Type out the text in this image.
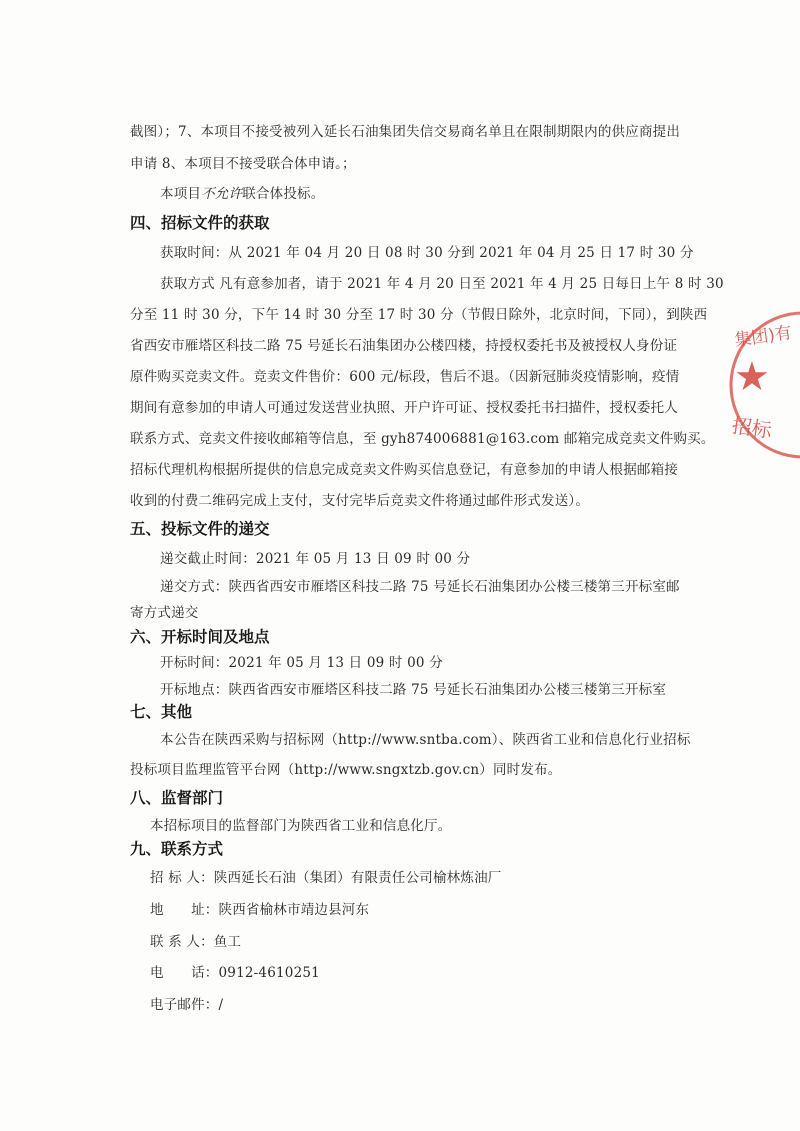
截图）；7、本项目不接受被列入延长石油集团失信交易商名单且在限制期限内的供应商提出
申请 8、本项目不接受联合体申请。；
本项目不允许联合体投标。
四、招标文件的获取
获取时间：从 2021 年 04 月 20 日 08 时 30 分到 2021 年 04 月 25 日 17 时 30 分
获取方式 凡有意参加者，请于 2021 年 4 月 20 日至 2021 年 4 月 25 日每日上午 8 时 30
分至 11 时 30 分，下午 14 时 30 分至 17 时 30 分（节假日除外，北京时间，下同），到陕西
省西安市雁塔区科技二路 75 号延长石油集团办公楼四楼，持授权委托书及被授权人身份证
原件购买竞卖文件。竞卖文件售价：600 元/标段，售后不退。（因新冠肺炎疫情影响，疫情
期间有意参加的申请人可通过发送营业执照、开户许可证、授权委托书扫描件，授权委托人
联系方式、竞卖文件接收邮箱等信息，至 gyh874006881@163.com 邮箱完成竞卖文件购买。
招标代理机构根据所提供的信息完成竞卖文件购买信息登记，有意参加的申请人根据邮箱接
收到的付费二维码完成上支付，支付完毕后竞卖文件将通过邮件形式发送）。
五、投标文件的递交
递交截止时间：2021 年 05 月 13 日 09 时 00 分
递交方式：陕西省西安市雁塔区科技二路 75 号延长石油集团办公楼三楼第三开标室邮
寄方式递交
六、开标时间及地点
开标时间：2021 年 05 月 13 日 09 时 00 分
开标地点：陕西省西安市雁塔区科技二路 75 号延长石油集团办公楼三楼第三开标室
七、其他
本公告在陕西采购与招标网（http://www.sntba.com）、陕西省工业和信息化行业招标
投标项目监理监管平台网（http://www.sngxtzb.gov.cn）同时发布。
八、监督部门
本招标项目的监督部门为陕西省工业和信息化厅。
九、联系方式
招 标 人：陕西延长石油（集团）有限责任公司榆林炼油厂
地　　址：陕西省榆林市靖边县河东
联 系 人：鱼工
电　　话：0912-4610251
电子邮件：/
集团)有
★
招标
